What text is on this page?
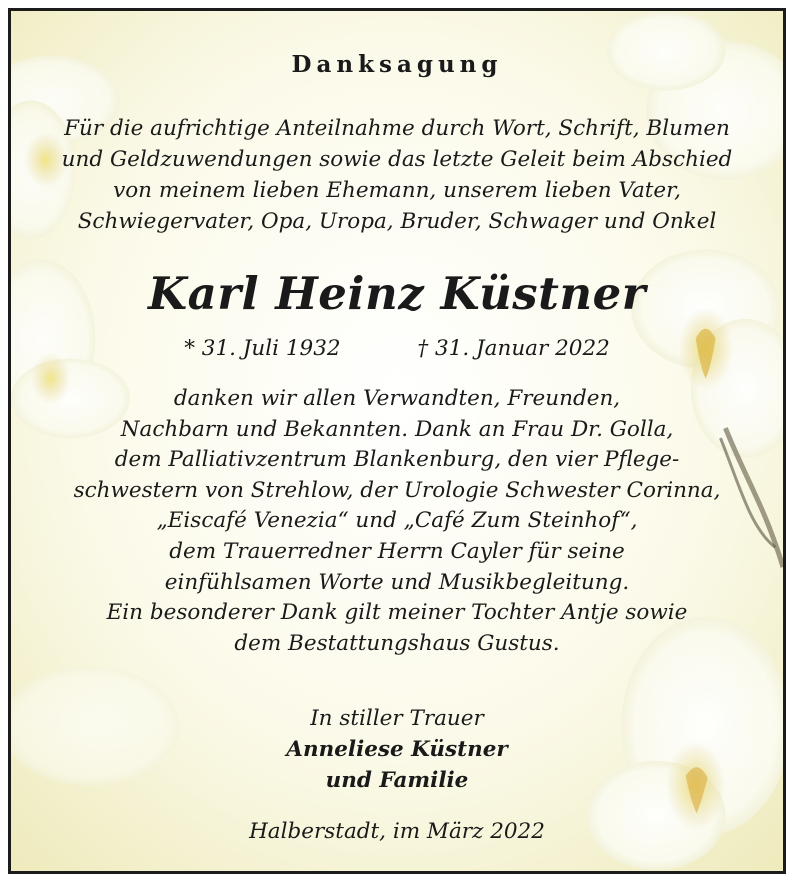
Danksagung
Für die aufrichtige Anteilnahme durch Wort, Schrift, Blumen
und Geldzuwendungen sowie das letzte Geleit beim Abschied
von meinem lieben Ehemann, unserem lieben Vater,
Schwiegervater, Opa, Uropa, Bruder, Schwager und Onkel
Karl Heinz Küstner
* 31. Juli 1932	† 31. Januar 2022
danken wir allen Verwandten, Freunden,
Nachbarn und Bekannten. Dank an Frau Dr. Golla,
dem Palliativzentrum Blankenburg, den vier Pflege-
schwestern von Strehlow, der Urologie Schwester Corinna,
„Eiscafé Venezia“ und „Café Zum Steinhof“,
dem Trauerredner Herrn Cayler für seine
einfühlsamen Worte und Musikbegleitung.
Ein besonderer Dank gilt meiner Tochter Antje sowie
dem Bestattungshaus Gustus.
In stiller Trauer
Anneliese Küstner
und Familie
Halberstadt, im März 2022
